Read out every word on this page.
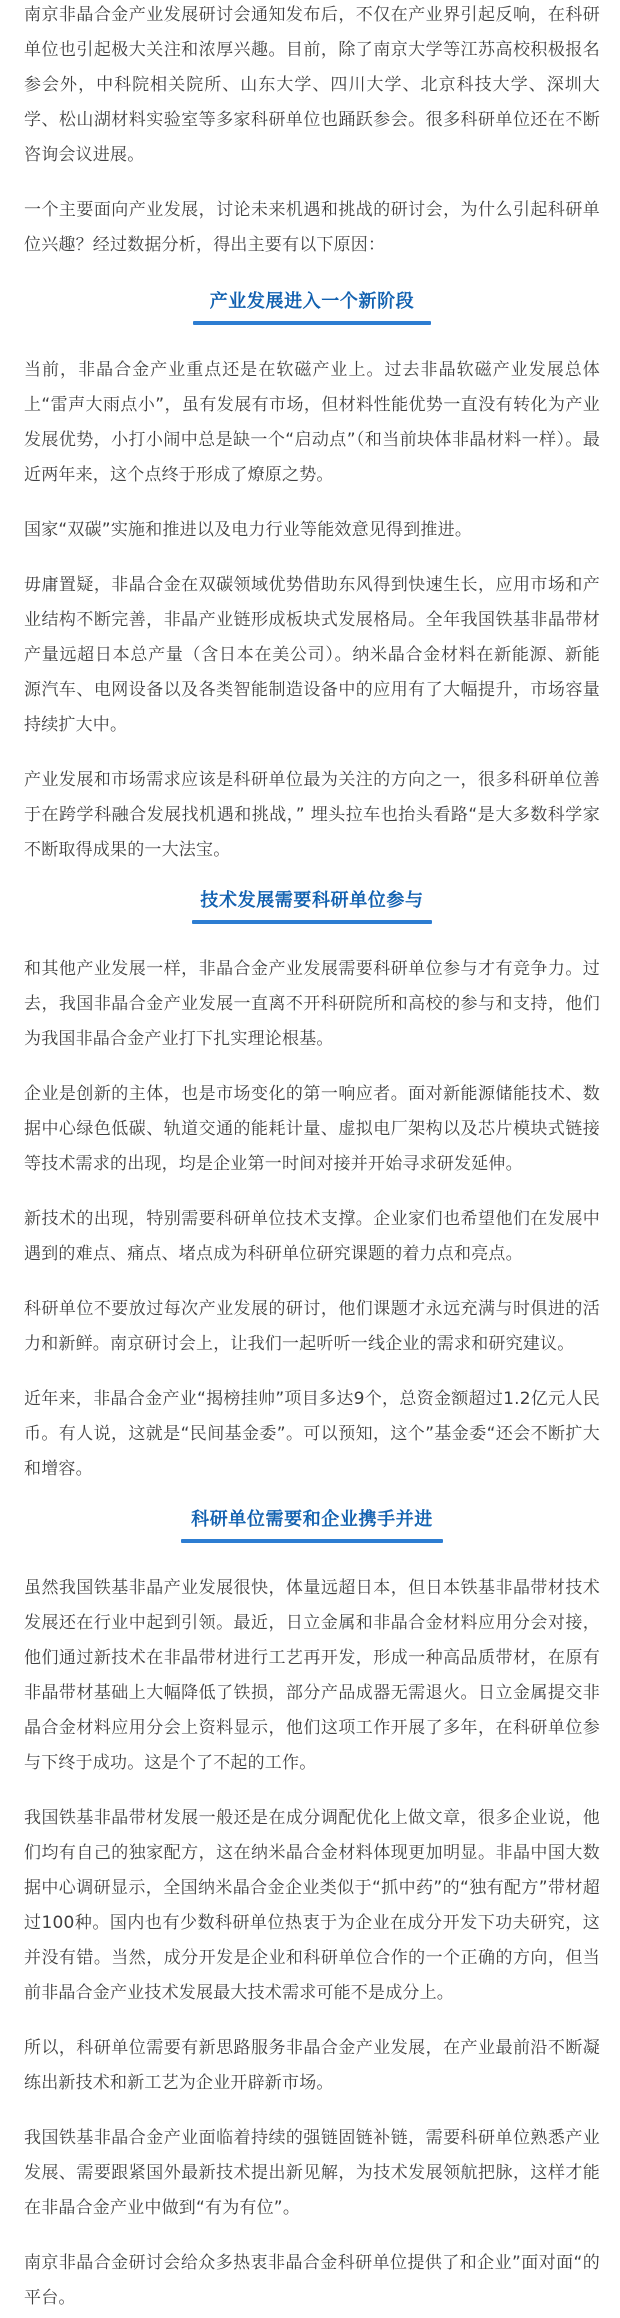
南京非晶合金产业发展研讨会通知发布后，不仅在产业界引起反响，在科研单位也引起极大关注和浓厚兴趣。目前，除了南京大学等江苏高校积极报名参会外，中科院相关院所、山东大学、四川大学、北京科技大学、深圳大学、松山湖材料实验室等多家科研单位也踊跃参会。很多科研单位还在不断咨询会议进展。

一个主要面向产业发展，讨论未来机遇和挑战的研讨会，为什么引起科研单位兴趣？经过数据分析，得出主要有以下原因：

产业发展进入一个新阶段

当前，非晶合金产业重点还是在软磁产业上。过去非晶软磁产业发展总体上“雷声大雨点小”，虽有发展有市场，但材料性能优势一直没有转化为产业发展优势，小打小闹中总是缺一个“启动点”（和当前块体非晶材料一样）。最近两年来，这个点终于形成了燎原之势。

国家“双碳”实施和推进以及电力行业等能效意见得到推进。

毋庸置疑，非晶合金在双碳领域优势借助东风得到快速生长，应用市场和产业结构不断完善，非晶产业链形成板块式发展格局。全年我国铁基非晶带材产量远超日本总产量（含日本在美公司）。纳米晶合金材料在新能源、新能源汽车、电网设备以及各类智能制造设备中的应用有了大幅提升，市场容量持续扩大中。

产业发展和市场需求应该是科研单位最为关注的方向之一，很多科研单位善于在跨学科融合发展找机遇和挑战，” 埋头拉车也抬头看路“是大多数科学家不断取得成果的一大法宝。

技术发展需要科研单位参与

和其他产业发展一样，非晶合金产业发展需要科研单位参与才有竞争力。过去，我国非晶合金产业发展一直离不开科研院所和高校的参与和支持，他们为我国非晶合金产业打下扎实理论根基。

企业是创新的主体，也是市场变化的第一响应者。面对新能源储能技术、数据中心绿色低碳、轨道交通的能耗计量、虚拟电厂架构以及芯片模块式链接等技术需求的出现，均是企业第一时间对接并开始寻求研发延伸。

新技术的出现，特别需要科研单位技术支撑。企业家们也希望他们在发展中遇到的难点、痛点、堵点成为科研单位研究课题的着力点和亮点。

科研单位不要放过每次产业发展的研讨，他们课题才永远充满与时俱进的活力和新鲜。南京研讨会上，让我们一起听听一线企业的需求和研究建议。

近年来，非晶合金产业“揭榜挂帅”项目多达9个，总资金额超过1.2亿元人民币。有人说，这就是“民间基金委”。可以预知，这个”基金委“还会不断扩大和增容。

科研单位需要和企业携手并进

虽然我国铁基非晶产业发展很快，体量远超日本，但日本铁基非晶带材技术发展还在行业中起到引领。最近，日立金属和非晶合金材料应用分会对接，他们通过新技术在非晶带材进行工艺再开发，形成一种高品质带材，在原有非晶带材基础上大幅降低了铁损，部分产品成器无需退火。日立金属提交非晶合金材料应用分会上资料显示，他们这项工作开展了多年，在科研单位参与下终于成功。这是个了不起的工作。

我国铁基非晶带材发展一般还是在成分调配优化上做文章，很多企业说，他们均有自己的独家配方，这在纳米晶合金材料体现更加明显。非晶中国大数据中心调研显示，全国纳米晶合金企业类似于“抓中药”的“独有配方”带材超过100种。国内也有少数科研单位热衷于为企业在成分开发下功夫研究，这并没有错。当然，成分开发是企业和科研单位合作的一个正确的方向，但当前非晶合金产业技术发展最大技术需求可能不是成分上。

所以，科研单位需要有新思路服务非晶合金产业发展，在产业最前沿不断凝练出新技术和新工艺为企业开辟新市场。

我国铁基非晶合金产业面临着持续的强链固链补链，需要科研单位熟悉产业发展、需要跟紧国外最新技术提出新见解，为技术发展领航把脉，这样才能在非晶合金产业中做到“有为有位”。

南京非晶合金研讨会给众多热衷非晶合金科研单位提供了和企业”面对面“的平台。
